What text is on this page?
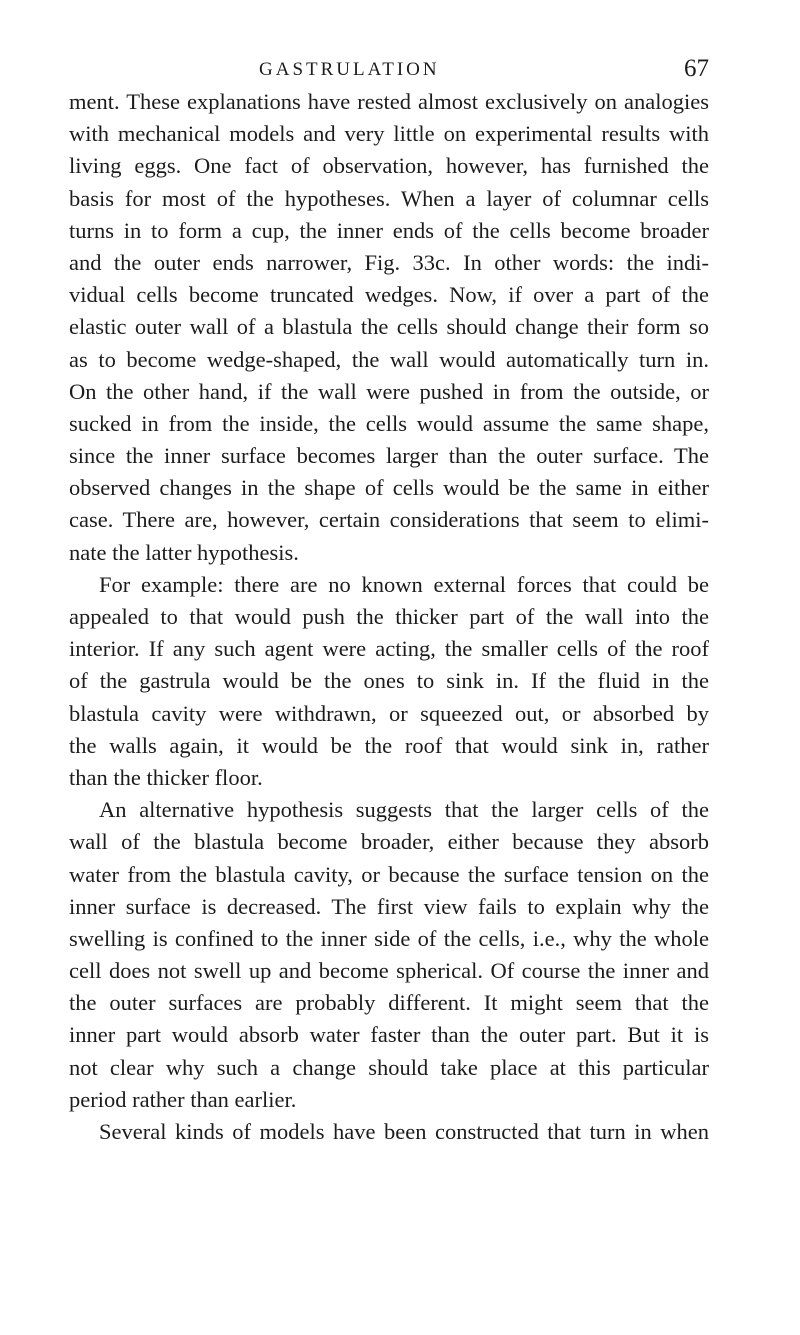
GASTRULATION	67
ment. These explanations have rested almost exclusively on analogies
with mechanical models and very little on experimental results with
living eggs. One fact of observation, however, has furnished the
basis for most of the hypotheses. When a layer of columnar cells
turns in to form a cup, the inner ends of the cells become broader
and the outer ends narrower, Fig. 33c. In other words: the indi-
vidual cells become truncated wedges. Now, if over a part of the
elastic outer wall of a blastula the cells should change their form so
as to become wedge-shaped, the wall would automatically turn in.
On the other hand, if the wall were pushed in from the outside, or
sucked in from the inside, the cells would assume the same shape,
since the inner surface becomes larger than the outer surface. The
observed changes in the shape of cells would be the same in either
case. There are, however, certain considerations that seem to elimi-
nate the latter hypothesis.
For example: there are no known external forces that could be
appealed to that would push the thicker part of the wall into the
interior. If any such agent were acting, the smaller cells of the roof
of the gastrula would be the ones to sink in. If the fluid in the
blastula cavity were withdrawn, or squeezed out, or absorbed by
the walls again, it would be the roof that would sink in, rather
than the thicker floor.
An alternative hypothesis suggests that the larger cells of the
wall of the blastula become broader, either because they absorb
water from the blastula cavity, or because the surface tension on the
inner surface is decreased. The first view fails to explain why the
swelling is confined to the inner side of the cells, i.e., why the whole
cell does not swell up and become spherical. Of course the inner and
the outer surfaces are probably different. It might seem that the
inner part would absorb water faster than the outer part. But it is
not clear why such a change should take place at this particular
period rather than earlier.
Several kinds of models have been constructed that turn in when
